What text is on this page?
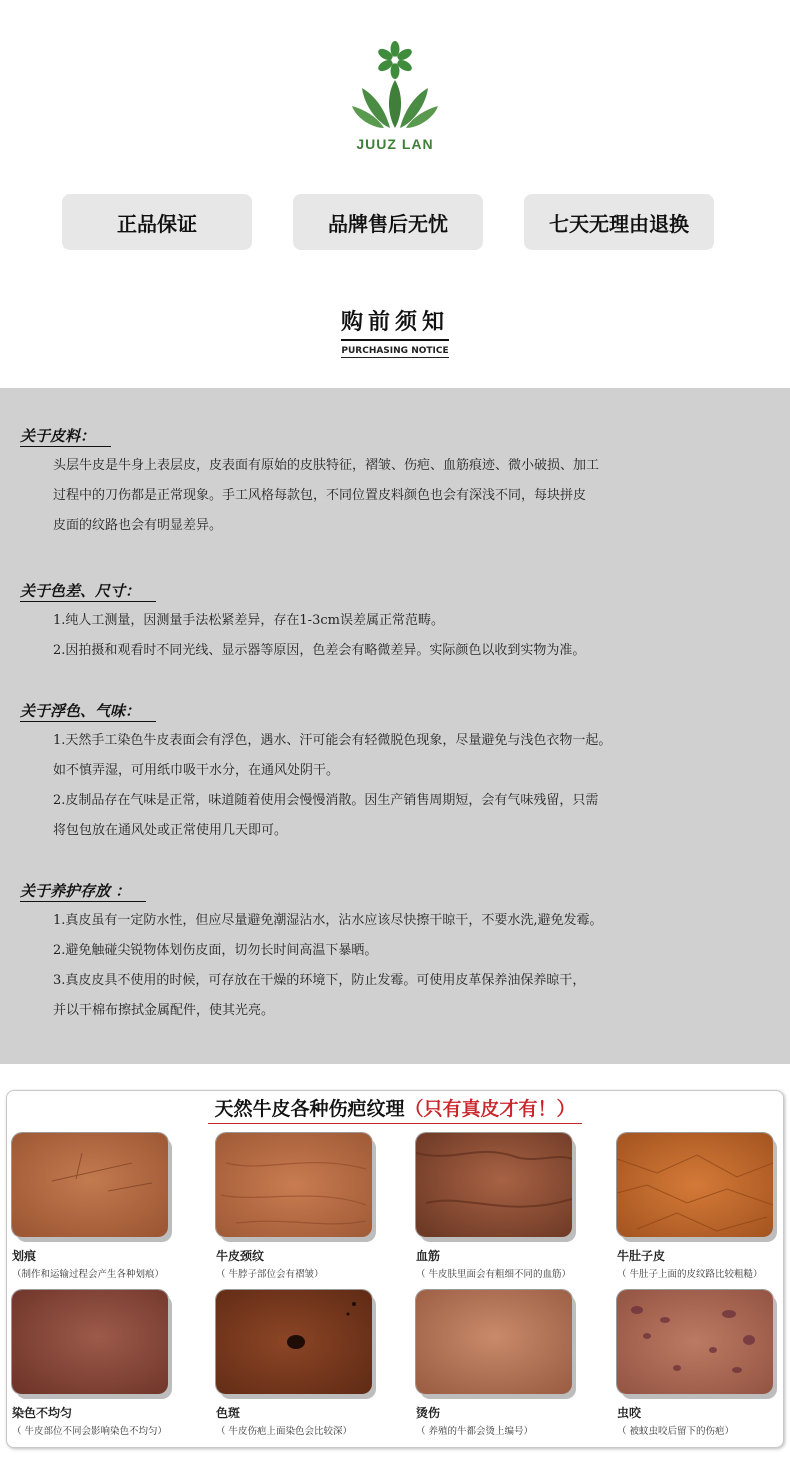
JUUZ LAN
正品保证	品牌售后无忧	七天无理由退换
购前须知
PURCHASING NOTICE
关于皮料：

头层牛皮是牛身上表层皮，皮表面有原始的皮肤特征，褶皱、伤疤、血筋痕迹、微小破损、加工

过程中的刀伤都是正常现象。手工风格每款包，不同位置皮料颜色也会有深浅不同，每块拼皮

皮面的纹路也会有明显差异。

关于色差、尺寸：

1.纯人工测量，因测量手法松紧差异，存在1-3cm误差属正常范畴。

2.因拍摄和观看时不同光线、显示器等原因，色差会有略微差异。实际颜色以收到实物为准。

关于浮色、气味：

1.天然手工染色牛皮表面会有浮色，遇水、汗可能会有轻微脱色现象，尽量避免与浅色衣物一起。

如不慎弄湿，可用纸巾吸干水分，在通风处阴干。

2.皮制品存在气味是正常，味道随着使用会慢慢消散。因生产销售周期短，会有气味残留，只需

将包包放在通风处或正常使用几天即可。

关于养护存放 ：

1.真皮虽有一定防水性，但应尽量避免潮湿沾水，沾水应该尽快擦干晾干，不要水洗,避免发霉。

2.避免触碰尖锐物体划伤皮面，切勿长时间高温下暴晒。

3.真皮皮具不使用的时候，可存放在干燥的环境下，防止发霉。可使用皮革保养油保养晾干，

并以干棉布擦拭金属配件，使其光亮。

天然牛皮各种伤疤纹理（只有真皮才有！）
划痕
（制作和运输过程会产生各种划痕）
牛皮颈纹
（ 牛脖子部位会有褶皱）
血筋
（ 牛皮肤里面会有粗细不同的血筋）
牛肚子皮
（ 牛肚子上面的皮纹路比较粗糙）
染色不均匀
（ 牛皮部位不同会影响染色不均匀）
色斑
（ 牛皮伤疤上面染色会比较深）
烫伤
（ 养殖的牛都会烫上编号）
虫咬
（ 被蚊虫咬后留下的伤疤）
